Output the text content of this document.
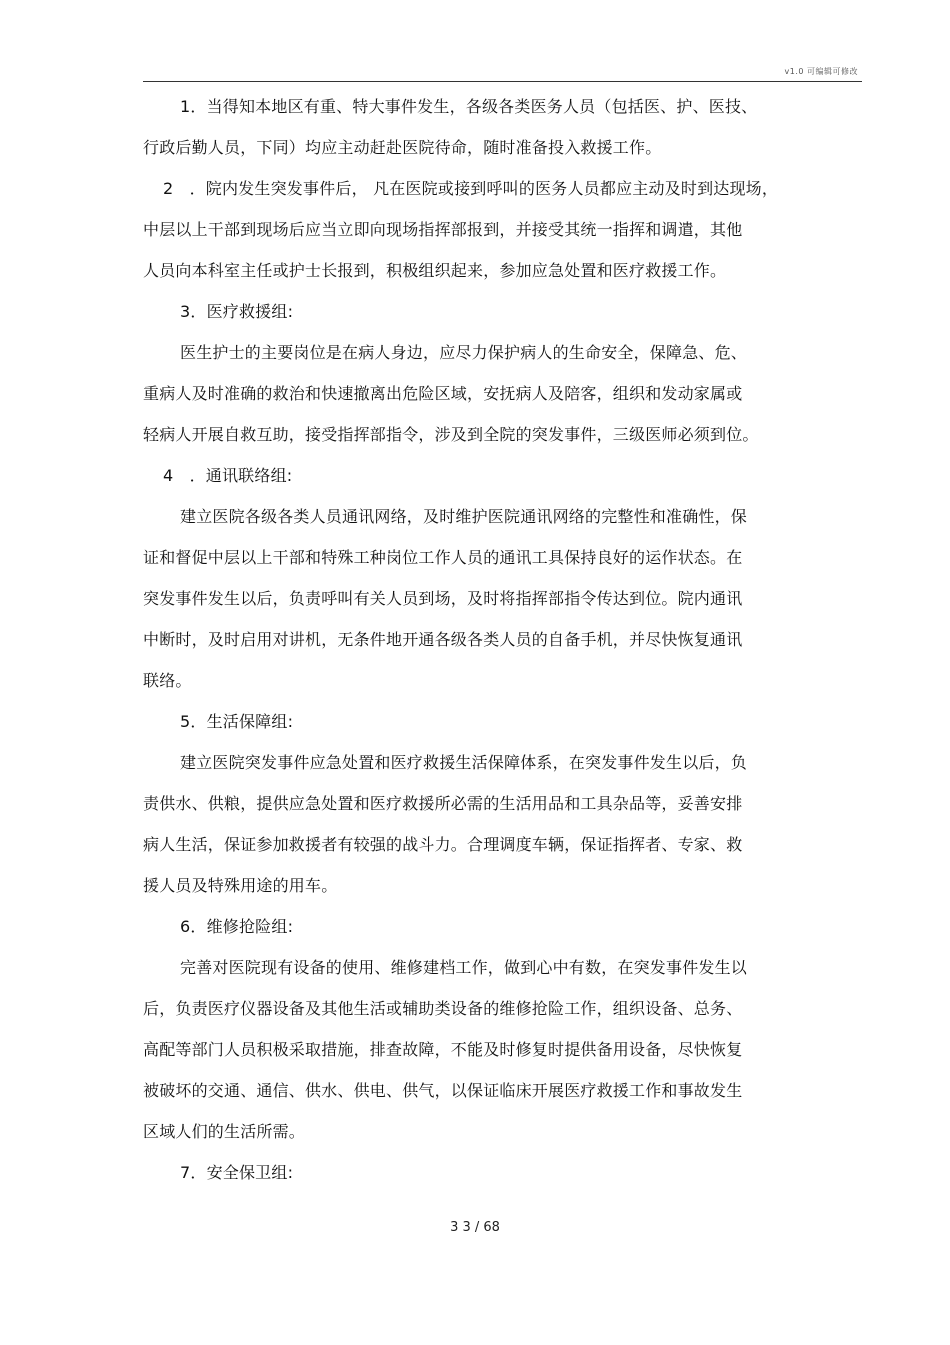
v1.0 可编辑可修改
1．当得知本地区有重、特大事件发生，各级各类医务人员（包括医、护、医技、
行政后勤人员，下同）均应主动赶赴医院待命，随时准备投入救援工作。
2　．院内发生突发事件后， 凡在医院或接到呼叫的医务人员都应主动及时到达现场，
中层以上干部到现场后应当立即向现场指挥部报到，并接受其统一指挥和调遣，其他
人员向本科室主任或护士长报到，积极组织起来，参加应急处置和医疗救援工作。
3．医疗救援组:
医生护士的主要岗位是在病人身边，应尽力保护病人的生命安全，保障急、危、
重病人及时准确的救治和快速撤离出危险区域，安抚病人及陪客，组织和发动家属或
轻病人开展自救互助，接受指挥部指令，涉及到全院的突发事件，三级医师必须到位。
4　．通讯联络组:
建立医院各级各类人员通讯网络，及时维护医院通讯网络的完整性和准确性，保
证和督促中层以上干部和特殊工种岗位工作人员的通讯工具保持良好的运作状态。在
突发事件发生以后，负责呼叫有关人员到场，及时将指挥部指令传达到位。院内通讯
中断时，及时启用对讲机，无条件地开通各级各类人员的自备手机，并尽快恢复通讯
联络。
5．生活保障组:
建立医院突发事件应急处置和医疗救援生活保障体系，在突发事件发生以后，负
责供水、供粮，提供应急处置和医疗救援所必需的生活用品和工具杂品等，妥善安排
病人生活，保证参加救援者有较强的战斗力。合理调度车辆，保证指挥者、专家、救
援人员及特殊用途的用车。
6．维修抢险组:
完善对医院现有设备的使用、维修建档工作，做到心中有数，在突发事件发生以
后，负责医疗仪器设备及其他生活或辅助类设备的维修抢险工作，组织设备、总务、
高配等部门人员积极采取措施，排查故障，不能及时修复时提供备用设备，尽快恢复
被破坏的交通、通信、供水、供电、供气，以保证临床开展医疗救援工作和事故发生
区域人们的生活所需。
7．安全保卫组:
3 3 / 68
